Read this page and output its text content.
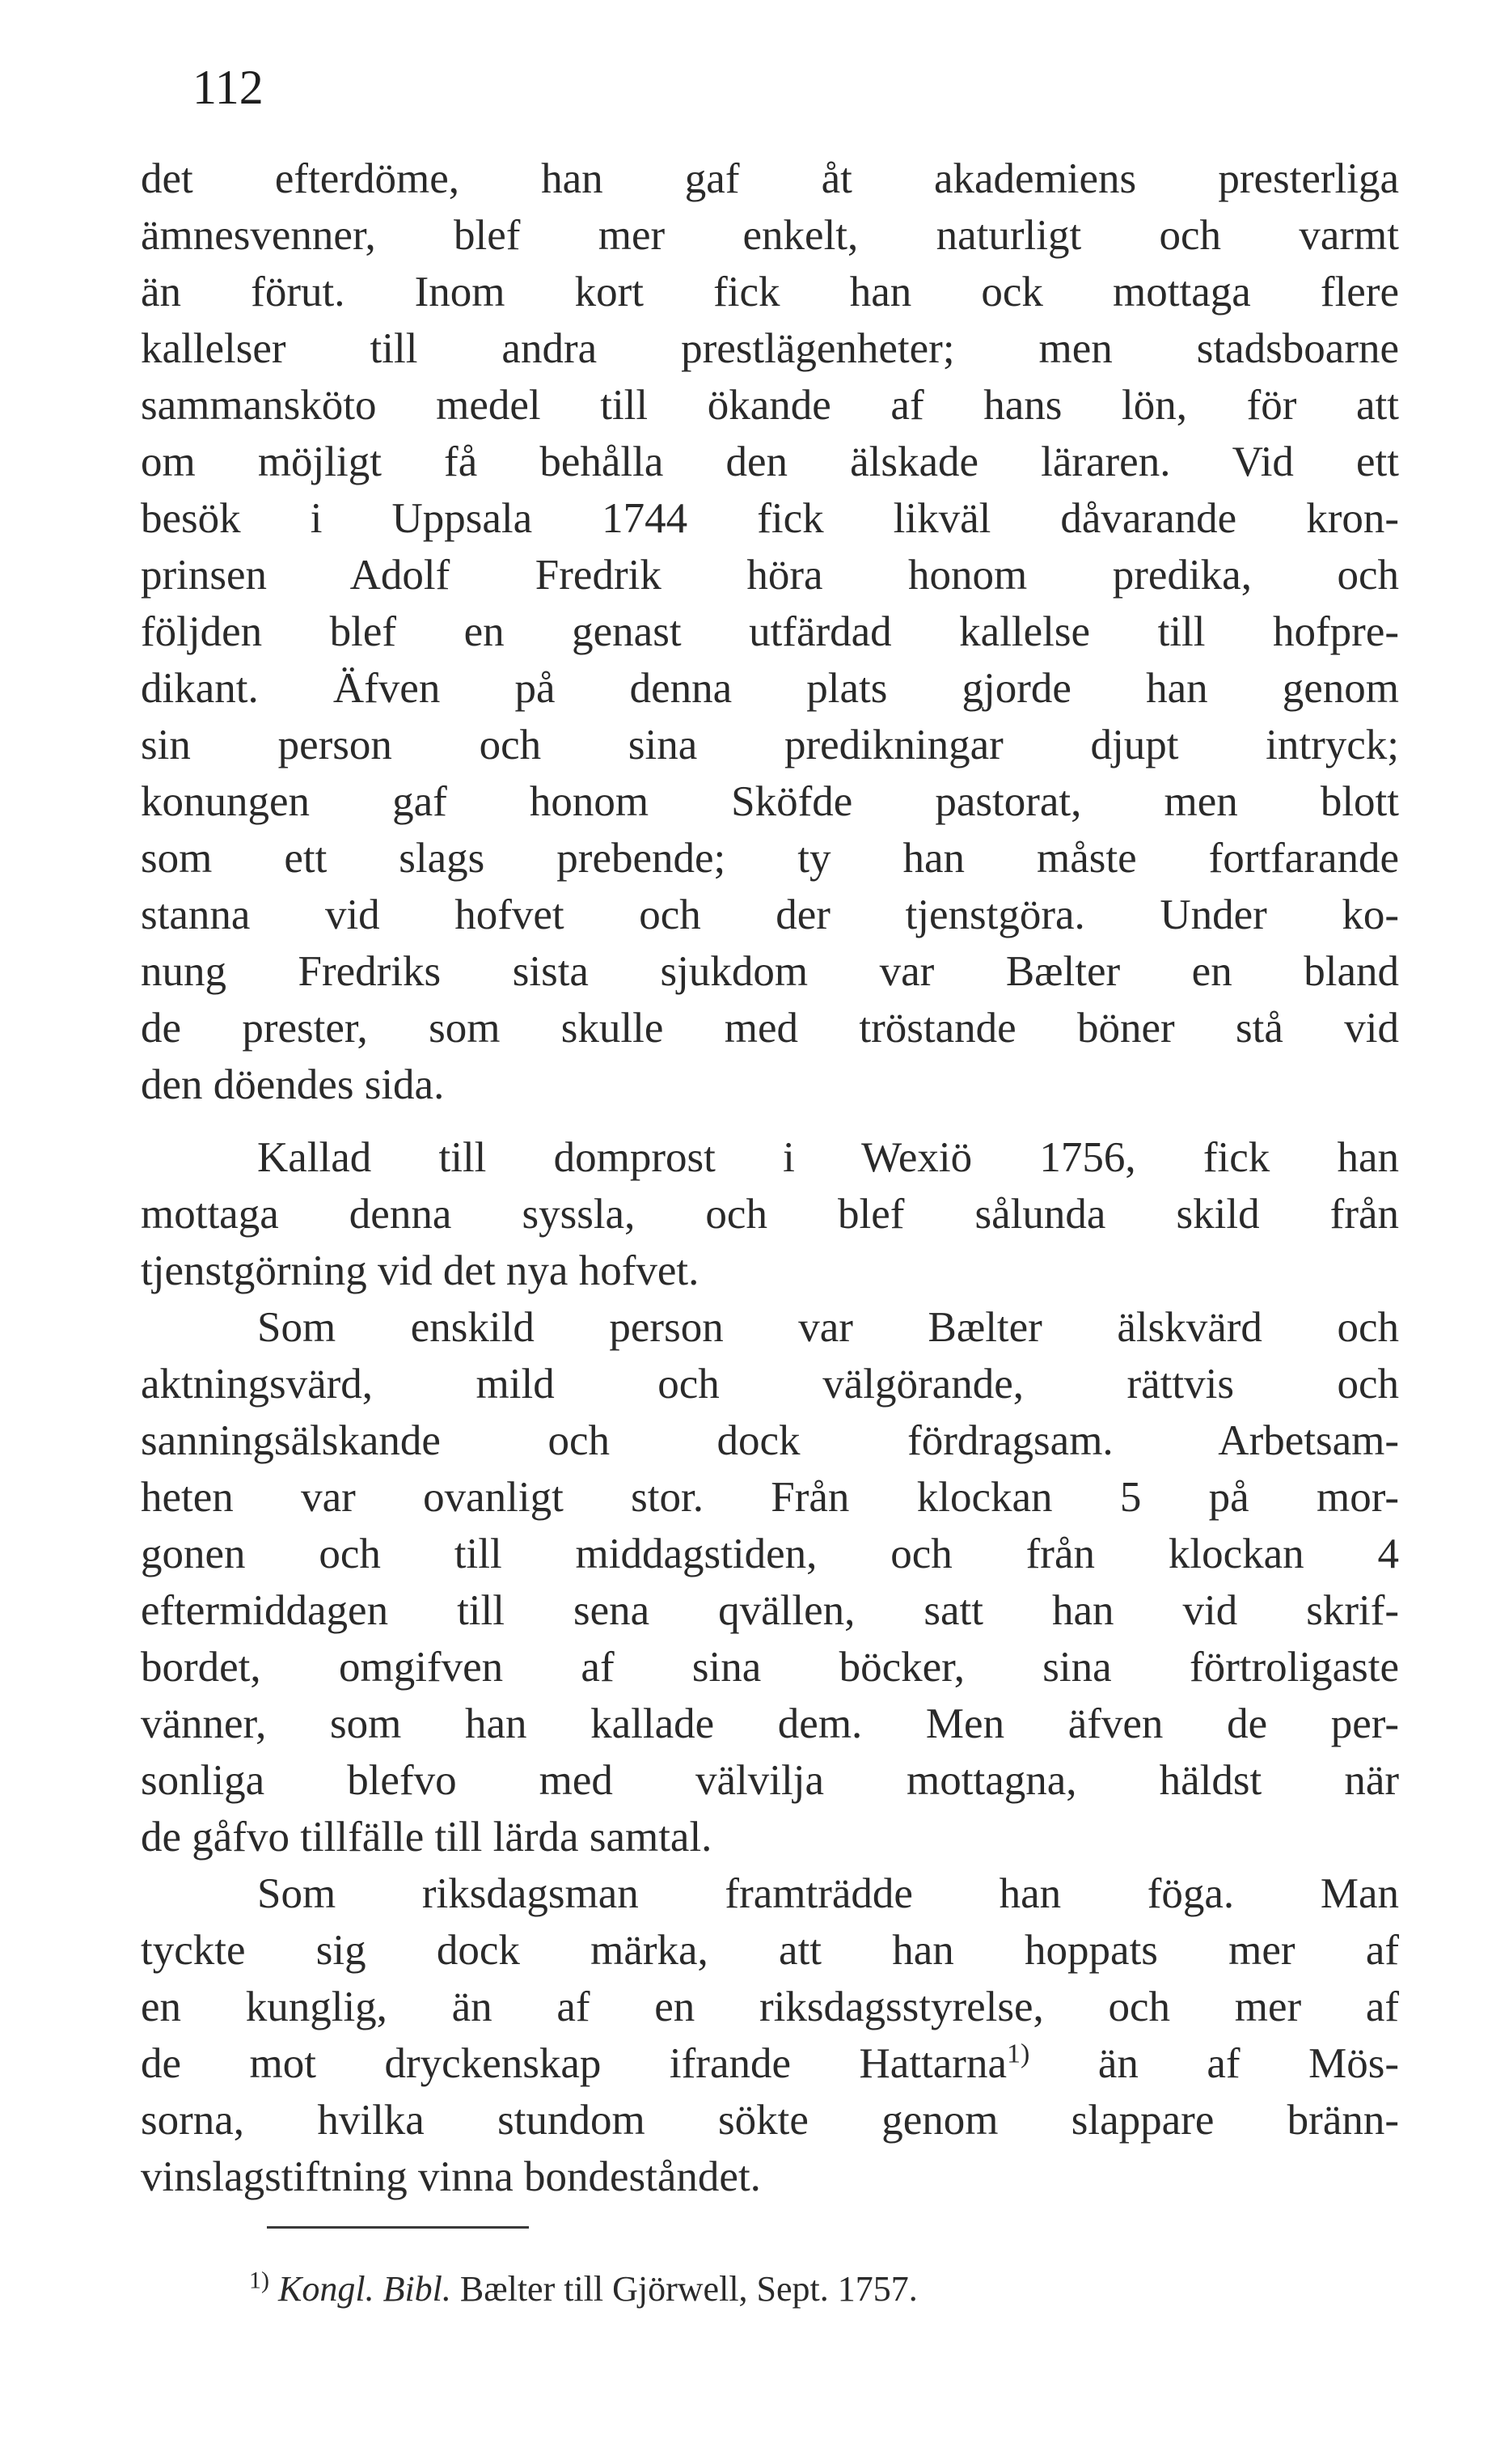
112
det efterdöme, han gaf åt akademiens presterliga
ämnesvenner, blef mer enkelt, naturligt och varmt
än förut. Inom kort fick han ock mottaga flere
kallelser till andra prestlägenheter; men stadsboarne
sammansköto medel till ökande af hans lön, för att
om möjligt få behålla den älskade läraren. Vid ett
besök i Uppsala 1744 fick likväl dåvarande kron-
prinsen Adolf Fredrik höra honom predika, och
följden blef en genast utfärdad kallelse till hofpre-
dikant. Äfven på denna plats gjorde han genom
sin person och sina predikningar djupt intryck;
konungen gaf honom Sköfde pastorat, men blott
som ett slags prebende; ty han måste fortfarande
stanna vid hofvet och der tjenstgöra. Under ko-
nung Fredriks sista sjukdom var Bælter en bland
de prester, som skulle med tröstande böner stå vid
den döendes sida.
Kallad till domprost i Wexiö 1756, fick han
mottaga denna syssla, och blef sålunda skild från
tjenstgörning vid det nya hofvet.
Som enskild person var Bælter älskvärd och
aktningsvärd, mild och välgörande, rättvis och
sanningsälskande och dock fördragsam. Arbetsam-
heten var ovanligt stor. Från klockan 5 på mor-
gonen och till middagstiden, och från klockan 4
eftermiddagen till sena qvällen, satt han vid skrif-
bordet, omgifven af sina böcker, sina förtroligaste
vänner, som han kallade dem. Men äfven de per-
sonliga blefvo med välvilja mottagna, häldst när
de gåfvo tillfälle till lärda samtal.
Som riksdagsman framträdde han föga. Man
tyckte sig dock märka, att han hoppats mer af
en kunglig, än af en riksdagsstyrelse, och mer af
de mot dryckenskap ifrande Hattarna$^{1)}$ än af Mös-
sorna, hvilka stundom sökte genom slappare bränn-
vinslagstiftning vinna bondeståndet.
$^{1)}$ Kongl. Bibl. Bælter till Gjörwell, Sept. 1757.
